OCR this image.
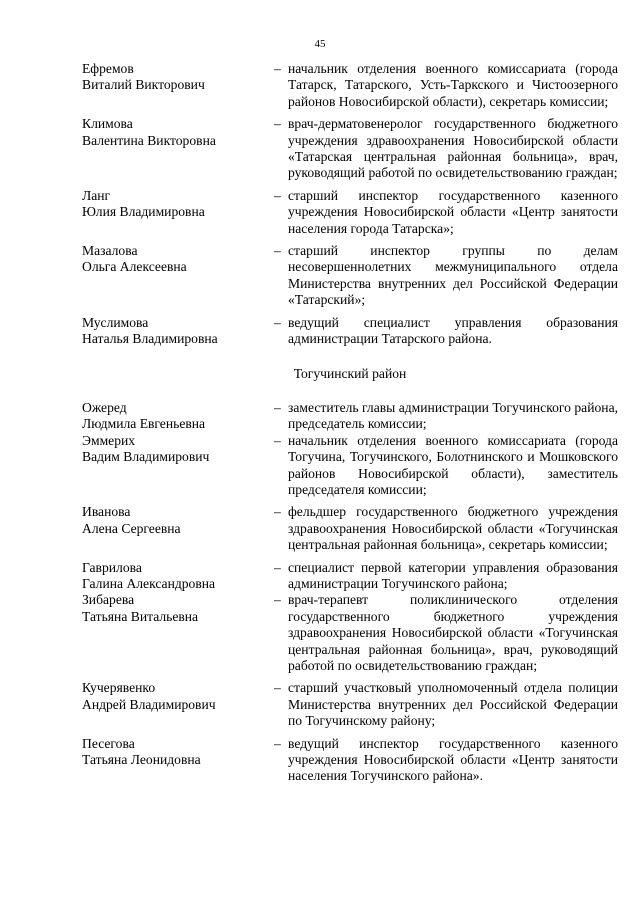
45
Ефремов
Виталий Викторович
– начальник отделения военного комиссариата (города Татарск, Татарского, Усть-Таркского и Чистоозерного районов Новосибирской области), секретарь комиссии;
Климова
Валентина Викторовна
– врач-дерматовенеролог государственного бюджетного учреждения здравоохранения Новосибирской области «Татарская центральная районная больница», врач, руководящий работой по освидетельствованию граждан;
Ланг
Юлия Владимировна
– старший инспектор государственного казенного учреждения Новосибирской области «Центр занятости населения города Татарска»;
Мазалова
Ольга Алексеевна
– старший инспектор группы по делам несовершеннолетних межмуниципального отдела Министерства внутренних дел Российской Федерации «Татарский»;
Муслимова
Наталья Владимировна
– ведущий специалист управления образования администрации Татарского района.
Тогучинский район
Ожеред
Людмила Евгеньевна
– заместитель главы администрации Тогучинского района, председатель комиссии;
Эммерих
Вадим Владимирович
– начальник отделения военного комиссариата (города Тогучина, Тогучинского, Болотнинского и Мошковского районов Новосибирской области), заместитель председателя комиссии;
Иванова
Алена Сергеевна
– фельдшер государственного бюджетного учреждения здравоохранения Новосибирской области «Тогучинская центральная районная больница», секретарь комиссии;
Гаврилова
Галина Александровна
– специалист первой категории управления образования администрации Тогучинского района;
Зибарева
Татьяна Витальевна
– врач-терапевт поликлинического отделения государственного бюджетного учреждения здравоохранения Новосибирской области «Тогучинская центральная районная больница», врач, руководящий работой по освидетельствованию граждан;
Кучерявенко
Андрей Владимирович
– старший участковый уполномоченный отдела полиции Министерства внутренних дел Российской Федерации по Тогучинскому району;
Песегова
Татьяна Леонидовна
– ведущий инспектор государственного казенного учреждения Новосибирской области «Центр занятости населения Тогучинского района».
